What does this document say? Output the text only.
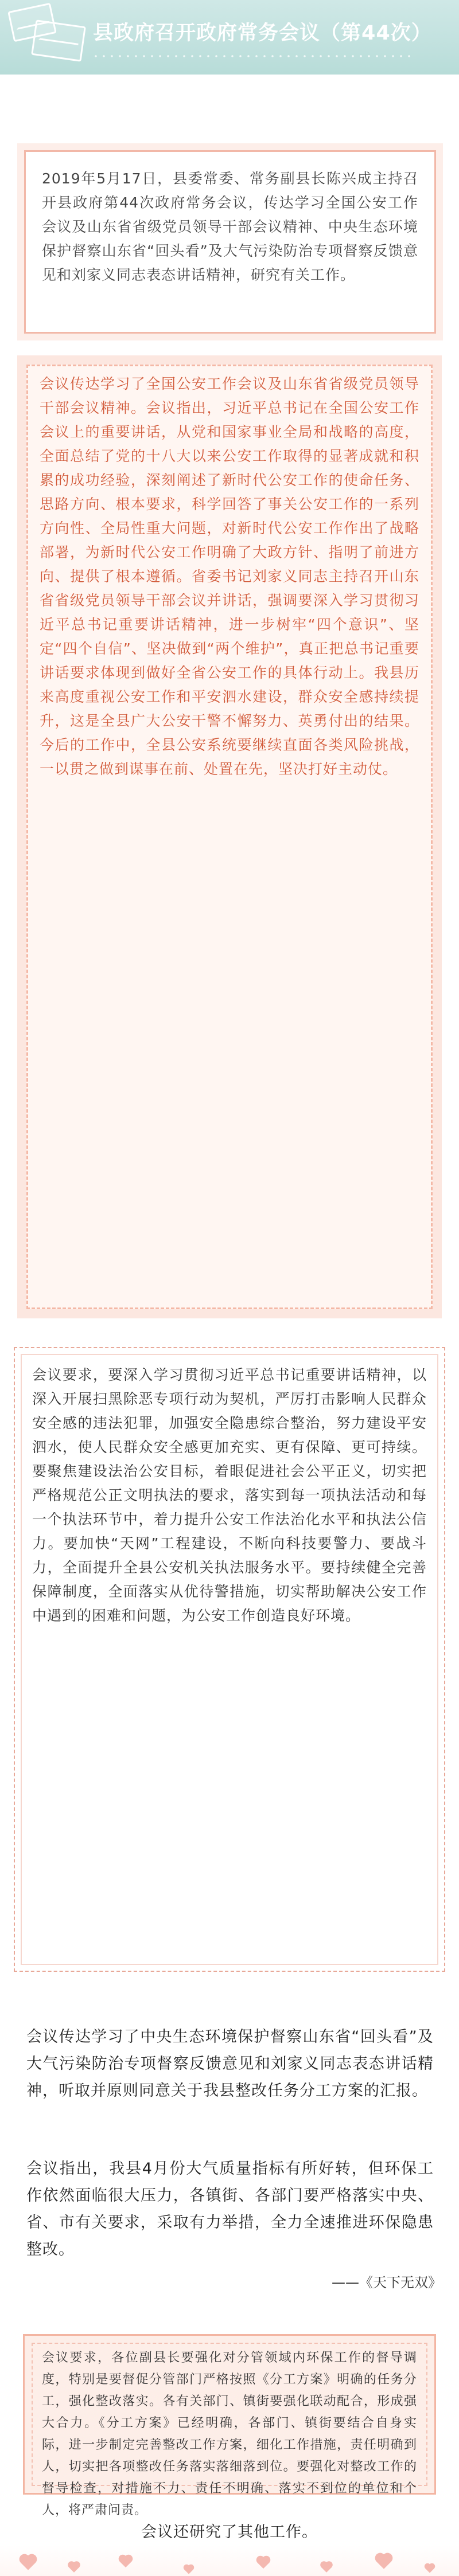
县政府召开政府常务会议（第44次）
2019年5月17日，县委常委、常务副县长陈兴成主持召开县政府第44次政府常务会议，传达学习全国公安工作会议及山东省省级党员领导干部会议精神、中央生态环境保护督察山东省“回头看”及大气污染防治专项督察反馈意见和刘家义同志表态讲话精神，研究有关工作。
会议传达学习了全国公安工作会议及山东省省级党员领导干部会议精神。会议指出，习近平总书记在全国公安工作会议上的重要讲话，从党和国家事业全局和战略的高度，全面总结了党的十八大以来公安工作取得的显著成就和积累的成功经验，深刻阐述了新时代公安工作的使命任务、思路方向、根本要求，科学回答了事关公安工作的一系列方向性、全局性重大问题，对新时代公安工作作出了战略部署，为新时代公安工作明确了大政方针、指明了前进方向、提供了根本遵循。省委书记刘家义同志主持召开山东省省级党员领导干部会议并讲话，强调要深入学习贯彻习近平总书记重要讲话精神，进一步树牢“四个意识”、坚定“四个自信”、坚决做到“两个维护”，真正把总书记重要讲话要求体现到做好全省公安工作的具体行动上。我县历来高度重视公安工作和平安泗水建设，群众安全感持续提升，这是全县广大公安干警不懈努力、英勇付出的结果。今后的工作中，全县公安系统要继续直面各类风险挑战，一以贯之做到谋事在前、处置在先，坚决打好主动仗。
会议要求，要深入学习贯彻习近平总书记重要讲话精神，以深入开展扫黑除恶专项行动为契机，严厉打击影响人民群众安全感的违法犯罪，加强安全隐患综合整治，努力建设平安泗水，使人民群众安全感更加充实、更有保障、更可持续。要聚焦建设法治公安目标，着眼促进社会公平正义，切实把严格规范公正文明执法的要求，落实到每一项执法活动和每一个执法环节中，着力提升公安工作法治化水平和执法公信力。要加快“天网”工程建设，不断向科技要警力、要战斗力，全面提升全县公安机关执法服务水平。要持续健全完善保障制度，全面落实从优待警措施，切实帮助解决公安工作中遇到的困难和问题，为公安工作创造良好环境。
会议传达学习了中央生态环境保护督察山东省“回头看”及大气污染防治专项督察反馈意见和刘家义同志表态讲话精神，听取并原则同意关于我县整改任务分工方案的汇报。
会议指出，我县4月份大气质量指标有所好转，但环保工作依然面临很大压力，各镇街、各部门要严格落实中央、省、市有关要求，采取有力举措，全力全速推进环保隐患整改。
——《天下无双》
会议要求，各位副县长要强化对分管领域内环保工作的督导调度，特别是要督促分管部门严格按照《分工方案》明确的任务分工，强化整改落实。各有关部门、镇街要强化联动配合，形成强大合力。《分工方案》已经明确，各部门、镇街要结合自身实际，进一步制定完善整改工作方案，细化工作措施，责任明确到人，切实把各项整改任务落实落细落到位。要强化对整改工作的督导检查，对措施不力、责任不明确、落实不到位的单位和个人，将严肃问责。
会议还研究了其他工作。
